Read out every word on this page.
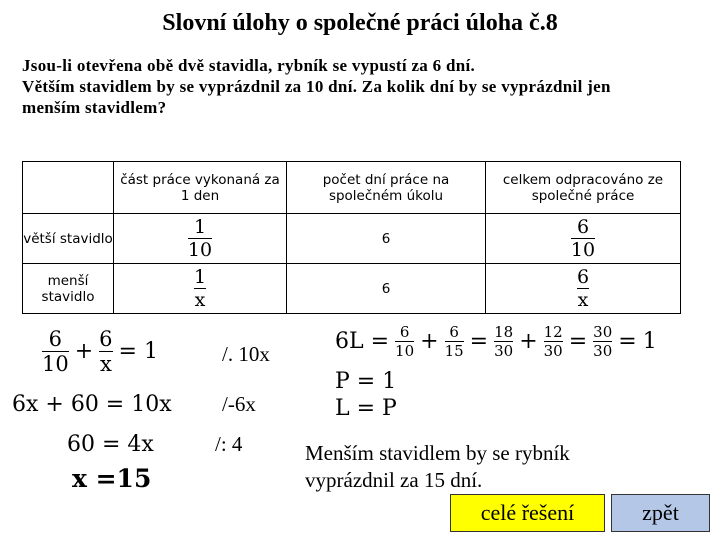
Slovní úlohy o společné práci úloha č.8
Jsou-li otevřena obě dvě stavidla, rybník se vypustí za 6 dní.
Větším stavidlem by se vyprázdnil za 10 dní. Za kolik dní by se vyprázdnil jen
menším stavidlem?
	část práce vykonaná za 1 den	počet dní práce na společném úkolu	celkem odpracováno ze společné práce
větší stavidlo	$\frac{1}{10}$	6	$\frac{6}{10}$

menší stavidlo	$\frac{1}{x}$	6	$\frac{6}{x}$
$\frac{6}{10} + \frac{6}{x} = 1$
6x + 60 = 10x
60 = 4x
x =15
/. 10x
/-6x
/: 4
$6L = \frac{6}{10} + \frac{6}{15} = \frac{18}{30} + \frac{12}{30} = \frac{30}{30} = 1$
P = 1
L = P
Menším stavidlem by se rybník
vyprázdnil za 15 dní.
celé řešení	zpět
